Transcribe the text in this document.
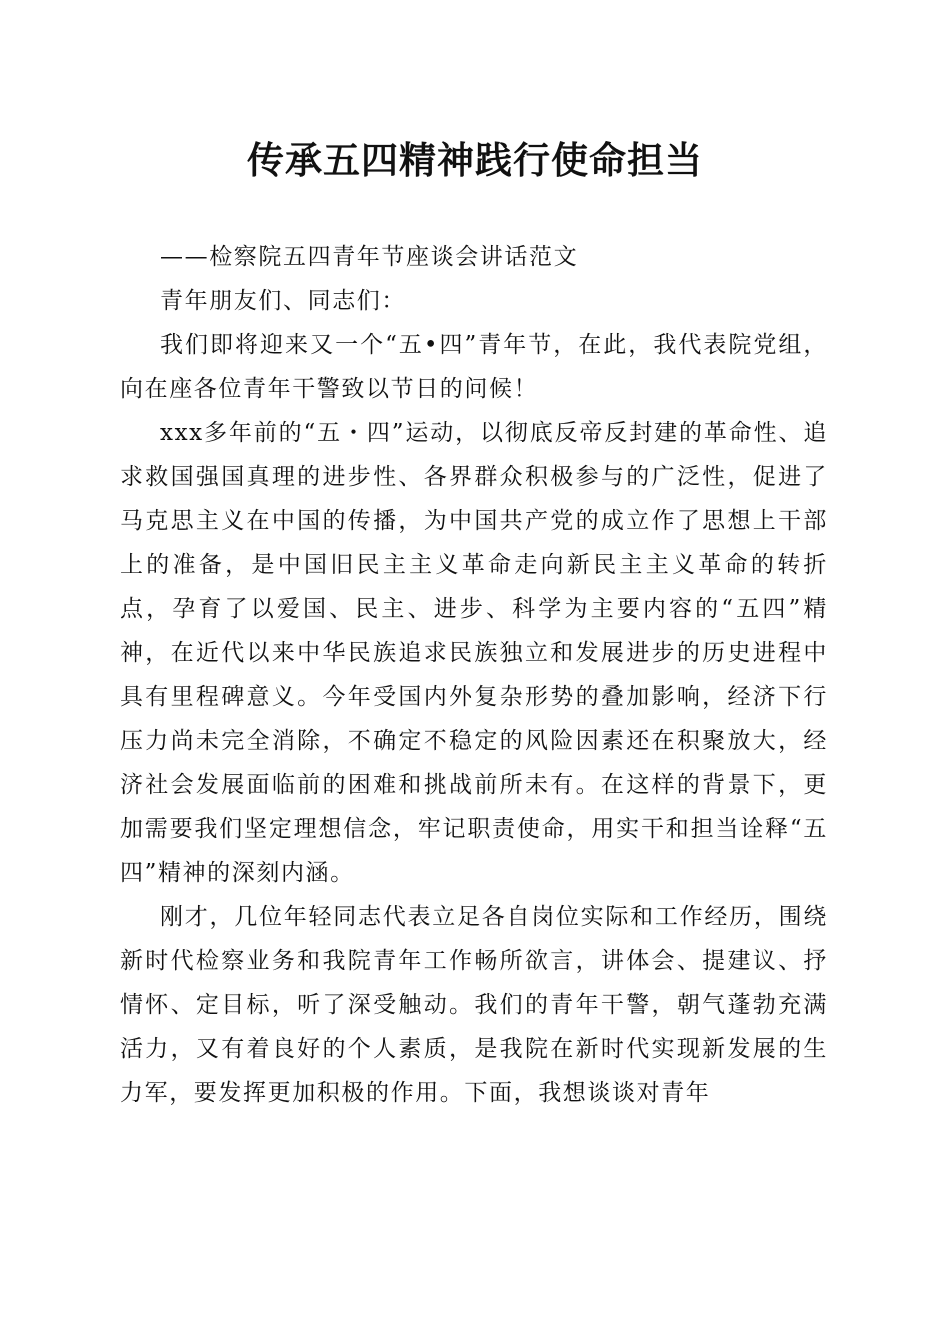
传承五四精神践行使命担当

——检察院五四青年节座谈会讲话范文

青年朋友们、同志们：

我们即将迎来又一个“五•四”青年节，在此，我代表院党组，向在座各位青年干警致以节日的问候！

xxx多年前的“五・四”运动，以彻底反帝反封建的革命性、追求救国强国真理的进步性、各界群众积极参与的广泛性，促进了马克思主义在中国的传播，为中国共产党的成立作了思想上干部上的准备，是中国旧民主主义革命走向新民主主义革命的转折点，孕育了以爱国、民主、进步、科学为主要内容的“五四”精神，在近代以来中华民族追求民族独立和发展进步的历史进程中具有里程碑意义。今年受国内外复杂形势的叠加影响，经济下行压力尚未完全消除，不确定不稳定的风险因素还在积聚放大，经济社会发展面临前的困难和挑战前所未有。在这样的背景下，更加需要我们坚定理想信念，牢记职责使命，用实干和担当诠释“五四”精神的深刻内涵。

刚才，几位年轻同志代表立足各自岗位实际和工作经历，围绕新时代检察业务和我院青年工作畅所欲言，讲体会、提建议、抒情怀、定目标，听了深受触动。我们的青年干警，朝气蓬勃充满活力，又有着良好的个人素质，是我院在新时代实现新发展的生力军，要发挥更加积极的作用。下面，我想谈谈对青年
